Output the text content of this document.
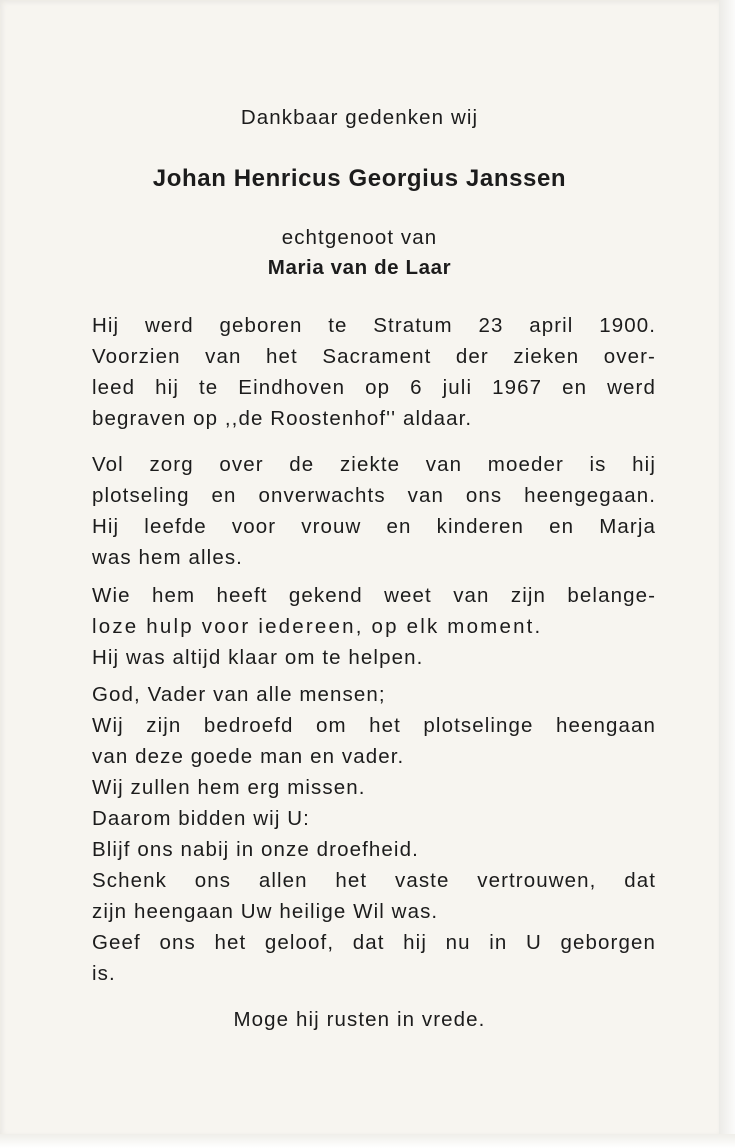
Dankbaar gedenken wij

Johan Henricus Georgius Janssen

echtgenoot van

Maria van de Laar

Hij werd geboren te Stratum 23 april 1900.
Voorzien van het Sacrament der zieken over-
leed hij te Eindhoven op 6 juli 1967 en werd
begraven op ,,de Roostenhof'' aldaar.
Vol zorg over de ziekte van moeder is hij
plotseling en onverwachts van ons heengegaan.
Hij leefde voor vrouw en kinderen en Marja
was hem alles.
Wie hem heeft gekend weet van zijn belange-
loze hulp voor iedereen, op elk moment.
Hij was altijd klaar om te helpen.
God, Vader van alle mensen;
Wij zijn bedroefd om het plotselinge heengaan
van deze goede man en vader.
Wij zullen hem erg missen.
Daarom bidden wij U:
Blijf ons nabij in onze droefheid.
Schenk ons allen het vaste vertrouwen, dat
zijn heengaan Uw heilige Wil was.
Geef ons het geloof, dat hij nu in U geborgen
is.

Moge hij rusten in vrede.
